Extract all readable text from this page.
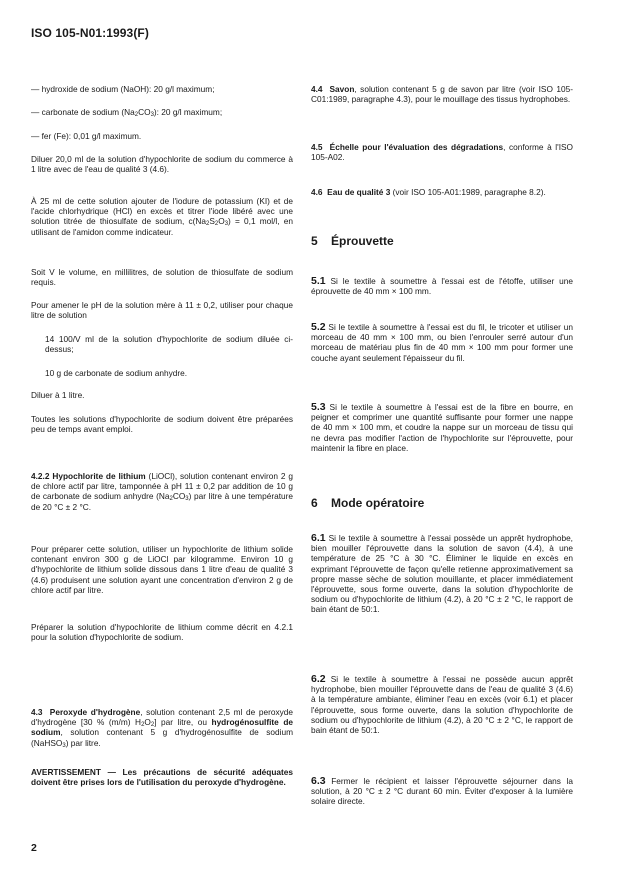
ISO 105-N01:1993(F)

— hydroxide de sodium (NaOH): 20 g/l maximum;

— carbonate de sodium $(Na_2CO_3)$: 20 g/l maximum;

— fer (Fe): 0,01 g/l maximum.

Diluer 20,0 ml de la solution d'hypochlorite de sodium du commerce à 1 litre avec de l'eau de qualité 3 (4.6).

À 25 ml de cette solution ajouter de l'iodure de potassium (KI) et de l'acide chlorhydrique (HCl) en excès et titrer l'iode libéré avec une solution titrée de thiosulfate de sodium, $c(Na_2S_2O_3) = 0,1$ mol/l, en utilisant de l'amidon comme indicateur.

Soit V le volume, en millilitres, de solution de thiosulfate de sodium requis.

Pour amener le pH de la solution mère à 11 ± 0,2, utiliser pour chaque litre de solution

14 100/V ml de la solution d'hypochlorite de sodium diluée ci-dessus;

10 g de carbonate de sodium anhydre.

Diluer à 1 litre.

Toutes les solutions d'hypochlorite de sodium doivent être préparées peu de temps avant emploi.

4.2.2 Hypochlorite de lithium (LiOCl), solution contenant environ 2 g de chlore actif par litre, tamponnée à pH 11 ± 0,2 par addition de 10 g de carbonate de sodium anhydre $(Na_2CO_3)$ par litre à une température de 20 °C ± 2 °C.

Pour préparer cette solution, utiliser un hypochlorite de lithium solide contenant environ 300 g de LiOCl par kilogramme. Environ 10 g d'hypochlorite de lithium solide dissous dans 1 litre d'eau de qualité 3 (4.6) produisent une solution ayant une concentration d'environ 2 g de chlore actif par litre.

Préparer la solution d'hypochlorite de lithium comme décrit en 4.2.1 pour la solution d'hypochlorite de sodium.

4.3 Peroxyde d'hydrogène, solution contenant 2,5 ml de peroxyde d'hydrogène [30 % (m/m) $H_2O_2$] par litre, ou hydrogénosulfite de sodium, solution contenant 5 g d'hydrogénosulfite de sodium (NaHSO$_3$) par litre.

AVERTISSEMENT — Les précautions de sécurité adéquates doivent être prises lors de l'utilisation du peroxyde d'hydrogène.

4.4 Savon, solution contenant 5 g de savon par litre (voir ISO 105-C01:1989, paragraphe 4.3), pour le mouillage des tissus hydrophobes.

4.5 Échelle pour l'évaluation des dégradations, conforme à l'ISO 105-A02.

4.6 Eau de qualité 3 (voir ISO 105-A01:1989, paragraphe 8.2).

5 Éprouvette

5.1 Si le textile à soumettre à l'essai est de l'étoffe, utiliser une éprouvette de 40 mm × 100 mm.

5.2 Si le textile à soumettre à l'essai est du fil, le tricoter et utiliser un morceau de 40 mm × 100 mm, ou bien l'enrouler serré autour d'un morceau de matériau plus fin de 40 mm × 100 mm pour former une couche ayant seulement l'épaisseur du fil.

5.3 Si le textile à soumettre à l'essai est de la fibre en bourre, en peigner et comprimer une quantité suffisante pour former une nappe de 40 mm × 100 mm, et coudre la nappe sur un morceau de tissu qui ne devra pas modifier l'action de l'hypochlorite sur l'éprouvette, pour maintenir la fibre en place.

6 Mode opératoire

6.1 Si le textile à soumettre à l'essai possède un apprêt hydrophobe, bien mouiller l'éprouvette dans la solution de savon (4.4), à une température de 25 °C à 30 °C. Éliminer le liquide en excès en exprimant l'éprouvette de façon qu'elle retienne approximativement sa propre masse sèche de solution mouillante, et placer immédiatement l'éprouvette, sous forme ouverte, dans la solution d'hypochlorite de sodium ou d'hypochlorite de lithium (4.2), à 20 °C ± 2 °C, le rapport de bain étant de 50:1.

6.2 Si le textile à soumettre à l'essai ne possède aucun apprêt hydrophobe, bien mouiller l'éprouvette dans de l'eau de qualité 3 (4.6) à la température ambiante, éliminer l'eau en excès (voir 6.1) et placer l'éprouvette, sous forme ouverte, dans la solution d'hypochlorite de sodium ou d'hypochlorite de lithium (4.2), à 20 °C ± 2 °C, le rapport de bain étant de 50:1.

6.3 Fermer le récipient et laisser l'éprouvette séjourner dans la solution, à 20 °C ± 2 °C durant 60 min. Éviter d'exposer à la lumière solaire directe.

2
